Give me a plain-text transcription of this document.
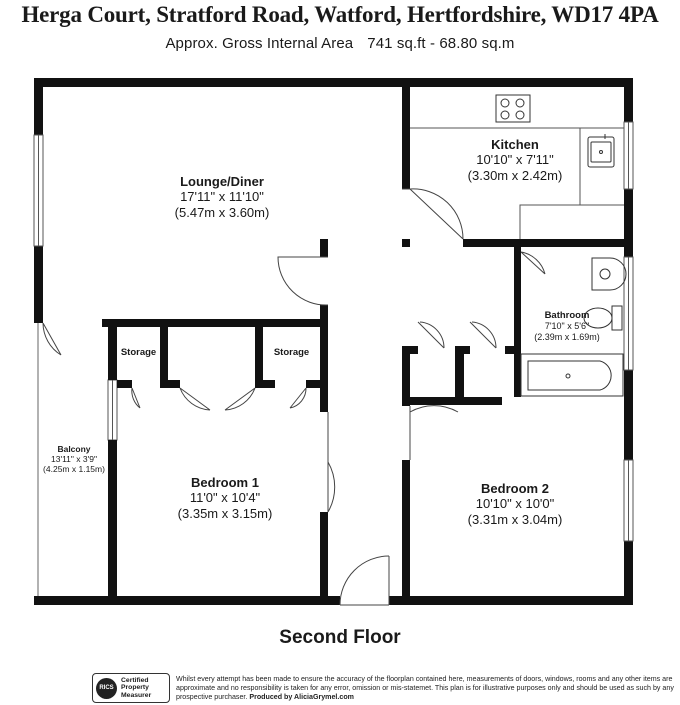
Herga Court, Stratford Road, Watford, Hertfordshire, WD17 4PA
Approx. Gross Internal Area 741 sq.ft - 68.80 sq.m
Lounge/Diner
17'11" x 11'10"
(5.47m x 3.60m)
Kitchen
10'10" x 7'11"
(3.30m x 2.42m)
Bathroom
7'10" x 5'6"
(2.39m x 1.69m)
Storage	Storage
Balcony
13'11" x 3'9"
(4.25m x 1.15m)
Bedroom 1
11'0" x 10'4"
(3.35m x 3.15m)
Bedroom 2
10'10" x 10'0"
(3.31m x 3.04m)
Second Floor
RICS
Certified
Property
Measurer
Whilst every attempt has been made to ensure the accuracy of the floorplan contained here, measurements of doors, windows, rooms and any other items are approximate and no responsibility is taken for any error, omission or mis-statemet. This plan is for illustrative purposes only and should be used as such by any prospective purchaser. Produced by AliciaGrymel.com
